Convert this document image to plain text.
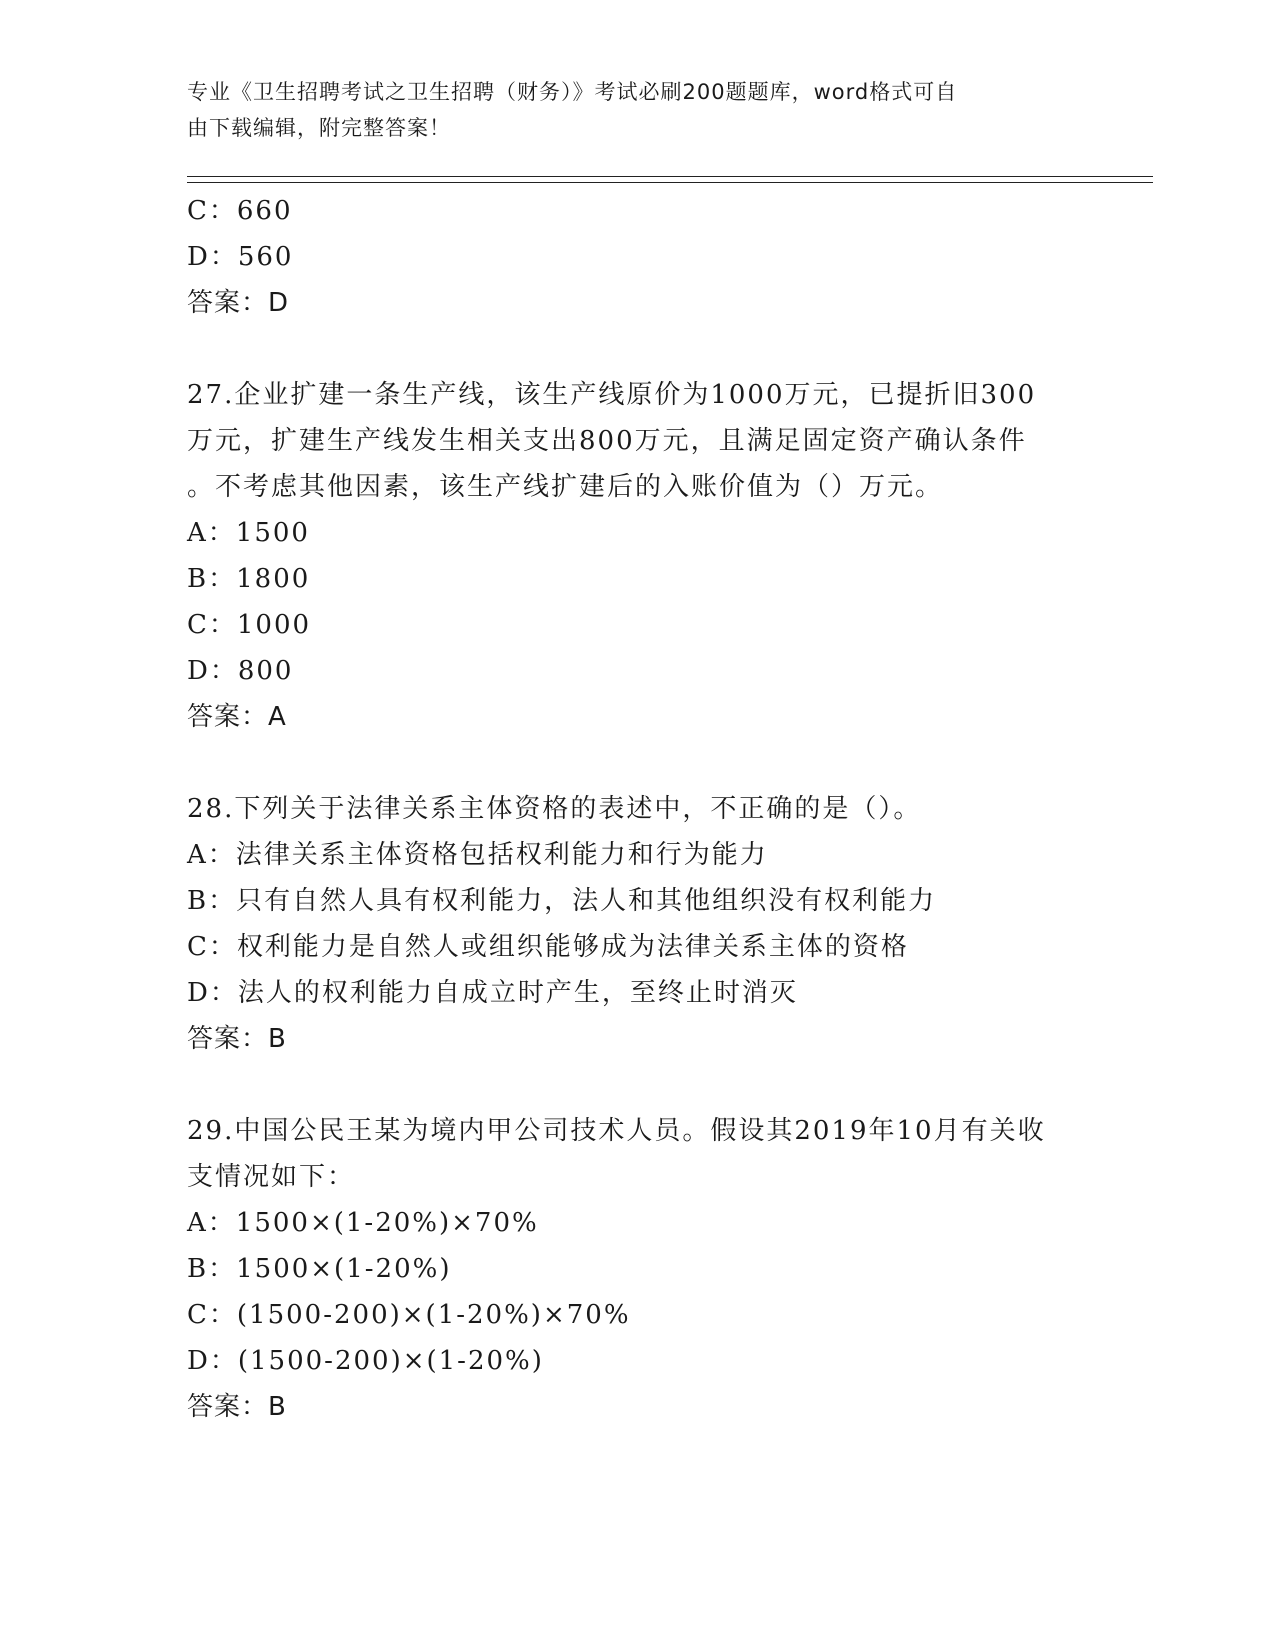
专业《卫生招聘考试之卫生招聘（财务）》考试必刷200题题库，word格式可自
由下载编辑，附完整答案！
C：660
D：560
答案：D
27.企业扩建一条生产线，该生产线原价为1000万元，已提折旧300
万元，扩建生产线发生相关支出800万元，且满足固定资产确认条件
。不考虑其他因素，该生产线扩建后的入账价值为（）万元。
A：1500
B：1800
C：1000
D：800
答案：A
28.下列关于法律关系主体资格的表述中，不正确的是（）。
A：法律关系主体资格包括权利能力和行为能力
B：只有自然人具有权利能力，法人和其他组织没有权利能力
C：权利能力是自然人或组织能够成为法律关系主体的资格
D：法人的权利能力自成立时产生，至终止时消灭
答案：B
29.中国公民王某为境内甲公司技术人员。假设其2019年10月有关收
支情况如下：
A：1500×(1-20%)×70%
B：1500×(1-20%)
C：(1500-200)×(1-20%)×70%
D：(1500-200)×(1-20%)
答案：B
